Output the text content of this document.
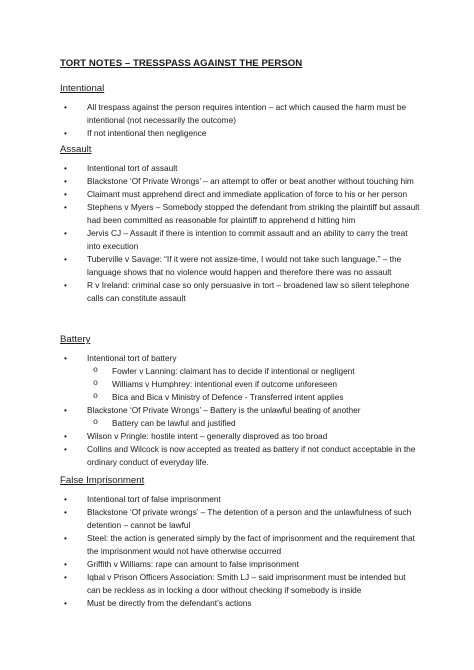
TORT NOTES – TRESSPASS AGAINST THE PERSON
Intentional
• All trespass against the person requires intention – act which caused the harm must be intentional (not necessarily the outcome)
• If not intentional then negligence
Assault
• Intentional tort of assault
• Blackstone ‘Of Private Wrongs’ – an attempt to offer or beat another without touching him
• Claimant must apprehend direct and immediate application of force to his or her person
• Stephens v Myers – Somebody stopped the defendant from striking the plaintiff but assault had been committed as reasonable for plaintiff to apprehend d hitting him
• Jervis CJ – Assault if there is intention to commit assault and an ability to carry the treat into execution
• Tuberville v Savage: “If it were not assize-time, I would not take such language.” – the language shows that no violence would happen and therefore there was no assault
• R v Ireland: criminal case so only persuasive in tort – broadened law so silent telephone calls can constitute assault
Battery
• Intentional tort of battery
o Fowler v Lanning: claimant has to decide if intentional or negligent
o Williams v Humphrey: intentional even if outcome unforeseen
o Bica and Bica v Ministry of Defence - Transferred intent applies
• Blackstone ‘Of Private Wrongs’ – Battery is the unlawful beating of another
o Battery can be lawful and justified
• Wilson v Pringle: hostile intent – generally disproved as too broad
• Collins and Wilcock is now accepted as treated as battery if not conduct acceptable in the ordinary conduct of everyday life.
False Imprisonment
• Intentional tort of false imprisonment
• Blackstone ‘Of private wrongs’ – The detention of a person and the unlawfulness of such detention – cannot be lawful
• Steel: the action is generated simply by the fact of imprisonment and the requirement that the imprisonment would not have otherwise occurred
• Griffith v Williams: rape can amount to false imprisonment
• Iqbal v Prison Officers Association: Smith LJ – said imprisonment must be intended but can be reckless as in locking a door without checking if somebody is inside
• Must be directly from the defendant’s actions
